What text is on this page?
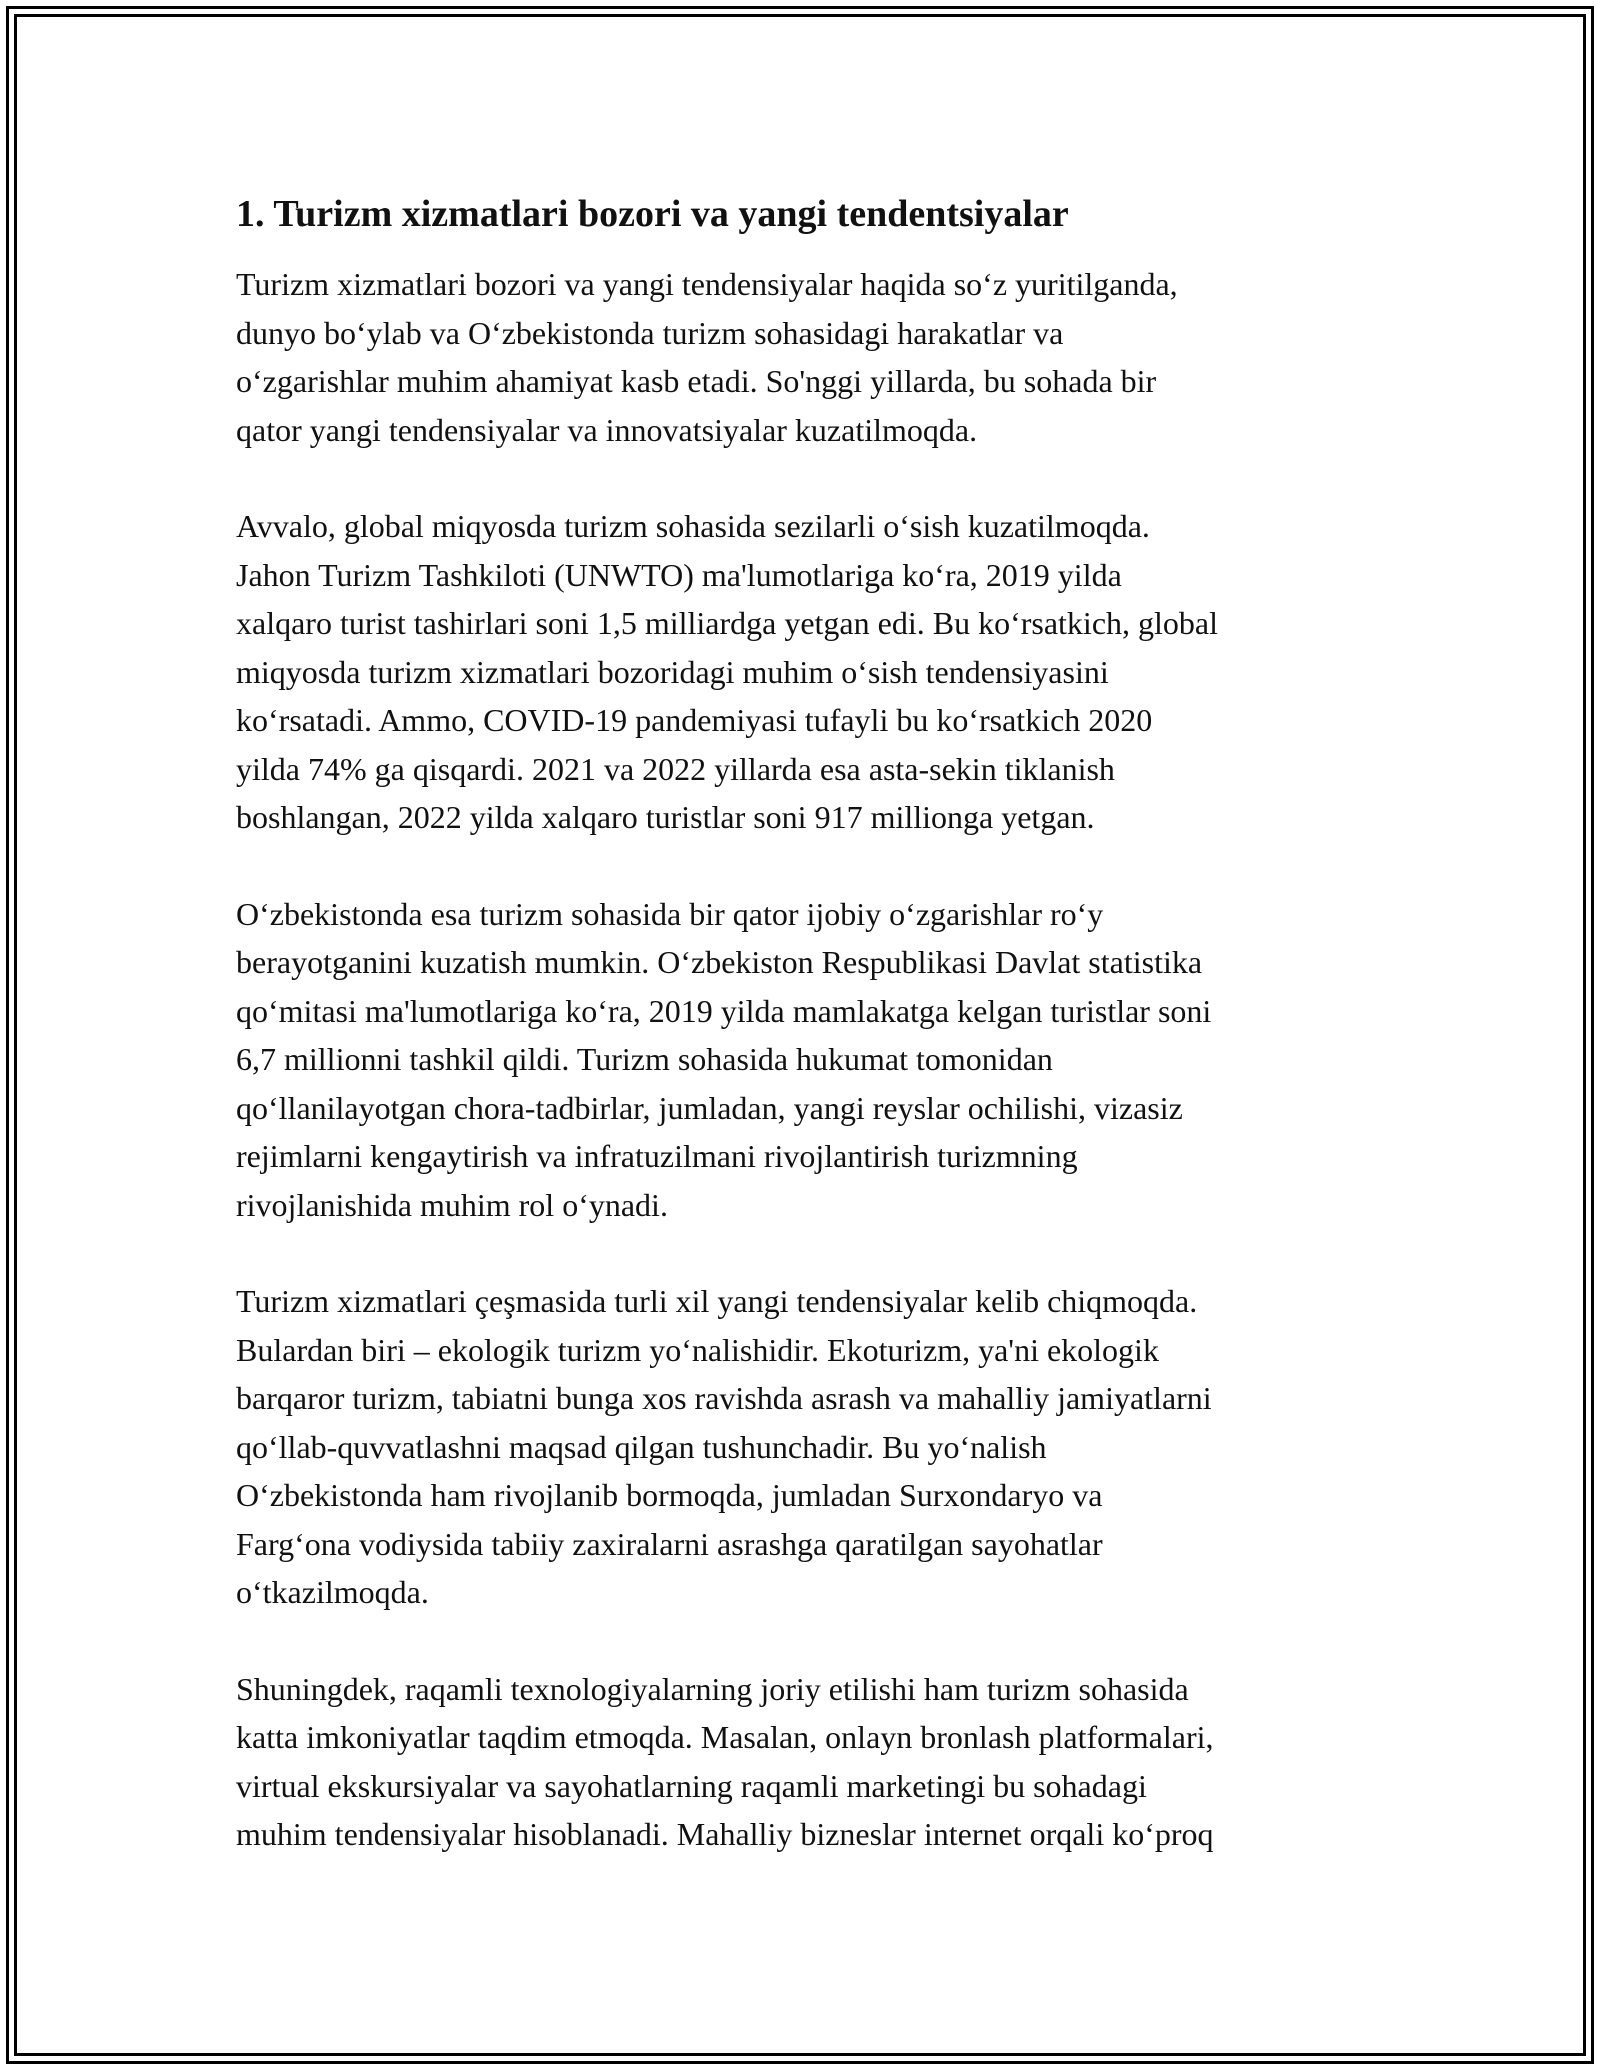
1. Turizm xizmatlari bozori va yangi tendentsiyalar

Turizm xizmatlari bozori va yangi tendensiyalar haqida so‘z yuritilganda,
dunyo bo‘ylab va O‘zbekistonda turizm sohasidagi harakatlar va
o‘zgarishlar muhim ahamiyat kasb etadi. So'nggi yillarda, bu sohada bir
qator yangi tendensiyalar va innovatsiyalar kuzatilmoqda.

Avvalo, global miqyosda turizm sohasida sezilarli o‘sish kuzatilmoqda.
Jahon Turizm Tashkiloti (UNWTO) ma'lumotlariga ko‘ra, 2019 yilda
xalqaro turist tashirlari soni 1,5 milliardga yetgan edi. Bu ko‘rsatkich, global
miqyosda turizm xizmatlari bozoridagi muhim o‘sish tendensiyasini
ko‘rsatadi. Ammo, COVID-19 pandemiyasi tufayli bu ko‘rsatkich 2020
yilda 74% ga qisqardi. 2021 va 2022 yillarda esa asta-sekin tiklanish
boshlangan, 2022 yilda xalqaro turistlar soni 917 millionga yetgan.

O‘zbekistonda esa turizm sohasida bir qator ijobiy o‘zgarishlar ro‘y
berayotganini kuzatish mumkin. O‘zbekiston Respublikasi Davlat statistika
qo‘mitasi ma'lumotlariga ko‘ra, 2019 yilda mamlakatga kelgan turistlar soni
6,7 millionni tashkil qildi. Turizm sohasida hukumat tomonidan
qo‘llanilayotgan chora-tadbirlar, jumladan, yangi reyslar ochilishi, vizasiz
rejimlarni kengaytirish va infratuzilmani rivojlantirish turizmning
rivojlanishida muhim rol o‘ynadi.

Turizm xizmatlari çeşmasida turli xil yangi tendensiyalar kelib chiqmoqda.
Bulardan biri – ekologik turizm yo‘nalishidir. Ekoturizm, ya'ni ekologik
barqaror turizm, tabiatni bunga xos ravishda asrash va mahalliy jamiyatlarni
qo‘llab-quvvatlashni maqsad qilgan tushunchadir. Bu yo‘nalish
O‘zbekistonda ham rivojlanib bormoqda, jumladan Surxondaryo va
Farg‘ona vodiysida tabiiy zaxiralarni asrashga qaratilgan sayohatlar
o‘tkazilmoqda.

Shuningdek, raqamli texnologiyalarning joriy etilishi ham turizm sohasida
katta imkoniyatlar taqdim etmoqda. Masalan, onlayn bronlash platformalari,
virtual ekskursiyalar va sayohatlarning raqamli marketingi bu sohadagi
muhim tendensiyalar hisoblanadi. Mahalliy bizneslar internet orqali ko‘proq
